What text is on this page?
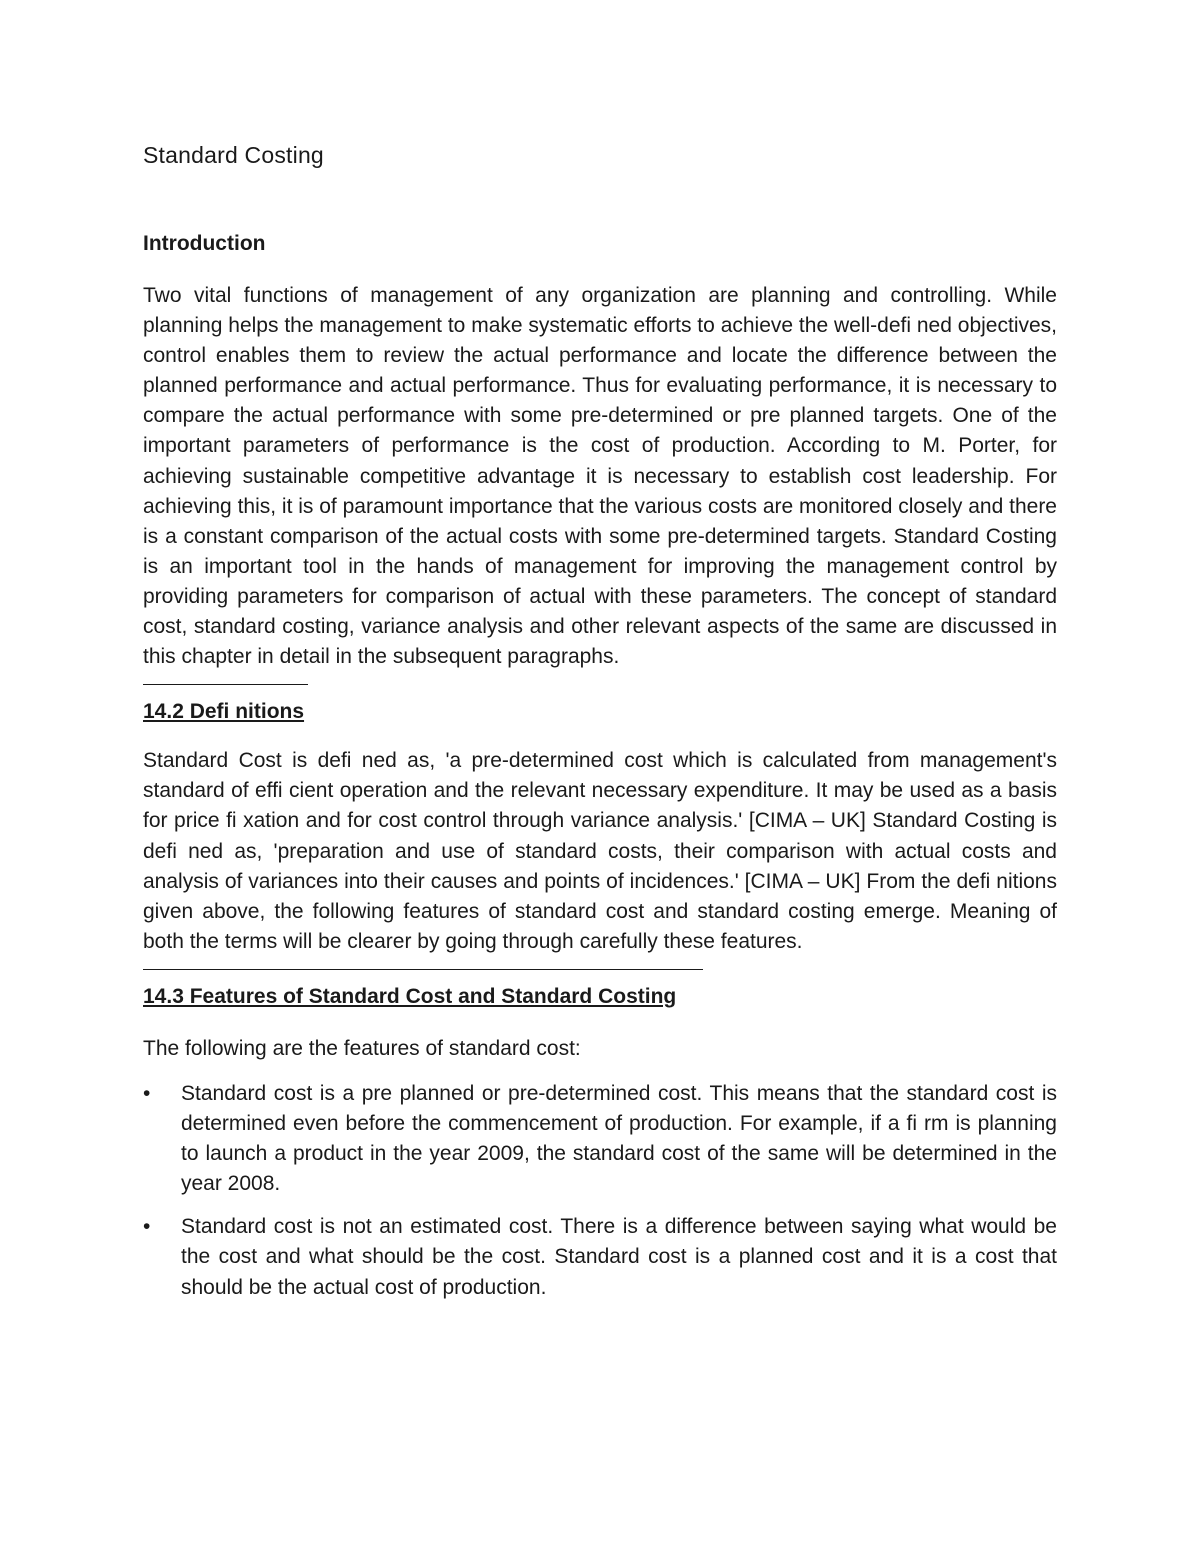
Standard Costing
Introduction

Two vital functions of management of any organization are planning and controlling. While planning helps the management to make systematic efforts to achieve the well-defi ned objectives, control enables them to review the actual performance and locate the difference between the planned performance and actual performance. Thus for evaluating performance, it is necessary to compare the actual performance with some pre-determined or pre planned targets. One of the important parameters of performance is the cost of production. According to M. Porter, for achieving sustainable competitive advantage it is necessary to establish cost leadership. For achieving this, it is of paramount importance that the various costs are monitored closely and there is a constant comparison of the actual costs with some pre-determined targets. Standard Costing is an important tool in the hands of management for improving the management control by providing parameters for comparison of actual with these parameters. The concept of standard cost, standard costing, variance analysis and other relevant aspects of the same are discussed in this chapter in detail in the subsequent paragraphs.

14.2 Defi nitions

Standard Cost is defi ned as, 'a pre-determined cost which is calculated from management's standard of effi cient operation and the relevant necessary expenditure. It may be used as a basis for price fi xation and for cost control through variance analysis.' [CIMA – UK] Standard Costing is defi ned as, 'preparation and use of standard costs, their comparison with actual costs and analysis of variances into their causes and points of incidences.' [CIMA – UK] From the defi nitions given above, the following features of standard cost and standard costing emerge. Meaning of both the terms will be clearer by going through carefully these features.

14.3 Features of Standard Cost and Standard Costing

The following are the features of standard cost:

• Standard cost is a pre planned or pre-determined cost. This means that the standard cost is determined even before the commencement of production. For example, if a fi rm is planning to launch a product in the year 2009, the standard cost of the same will be determined in the year 2008.

• Standard cost is not an estimated cost. There is a difference between saying what would be the cost and what should be the cost. Standard cost is a planned cost and it is a cost that should be the actual cost of production.
